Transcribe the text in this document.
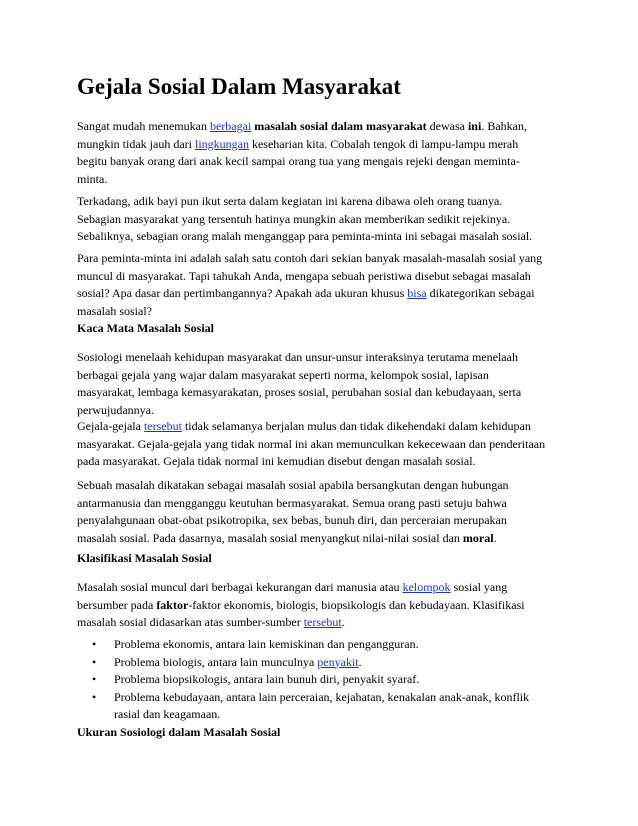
Gejala Sosial Dalam Masyarakat

Sangat mudah menemukan berbagai masalah sosial dalam masyarakat dewasa ini. Bahkan,

mungkin tidak jauh dari lingkungan keseharian kita. Cobalah tengok di lampu-lampu merah

begitu banyak orang dari anak kecil sampai orang tua yang mengais rejeki dengan meminta-

minta.

Terkadang, adik bayi pun ikut serta dalam kegiatan ini karena dibawa oleh orang tuanya.

Sebagian masyarakat yang tersentuh hatinya mungkin akan memberikan sedikit rejekinya.

Sebaliknya, sebagian orang malah menganggap para peminta-minta ini sebagai masalah sosial.

Para peminta-minta ini adalah salah satu contoh dari sekian banyak masalah-masalah sosial yang

muncul di masyarakat. Tapi tahukah Anda, mengapa sebuah peristiwa disebut sebagai masalah

sosial? Apa dasar dan pertimbangannya? Apakah ada ukuran khusus bisa dikategorikan sebagai

masalah sosial?

Kaca Mata Masalah Sosial

Sosiologi menelaah kehidupan masyarakat dan unsur-unsur interaksinya terutama menelaah

berbagai gejala yang wajar dalam masyarakat seperti norma, kelompok sosial, lapisan

masyarakat, lembaga kemasyarakatan, proses sosial, perubahan sosial dan kebudayaan, serta

perwujudannya.

Gejala-gejala tersebut tidak selamanya berjalan mulus dan tidak dikehendaki dalam kehidupan

masyarakat. Gejala-gejala yang tidak normal ini akan memunculkan kekecewaan dan penderitaan

pada masyarakat. Gejala tidak normal ini kemudian disebut dengan masalah sosial.

Sebuah masalah dikatakan sebagai masalah sosial apabila bersangkutan dengan hubungan

antarmanusia dan mengganggu keutuhan bermasyarakat. Semua orang pasti setuju bahwa

penyalahgunaan obat-obat psikotropika, sex bebas, bunuh diri, dan perceraian merupakan

masalah sosial. Pada dasarnya, masalah sosial menyangkut nilai-nilai sosial dan moral.

Klasifikasi Masalah Sosial

Masalah sosial muncul dari berbagai kekurangan dari manusia atau kelompok sosial yang

bersumber pada faktor-faktor ekonomis, biologis, biopsikologis dan kebudayaan. Klasifikasi

masalah sosial didasarkan atas sumber-sumber tersebut.

• Problema ekonomis, antara lain kemiskinan dan pengangguran.
• Problema biologis, antara lain munculnya penyakit.
• Problema biopsikologis, antara lain bunuh diri, penyakit syaraf.
• Problema kebudayaan, antara lain perceraian, kejahatan, kenakalan anak-anak, konflik
rasial dan keagamaan.

Ukuran Sosiologi dalam Masalah Sosial
